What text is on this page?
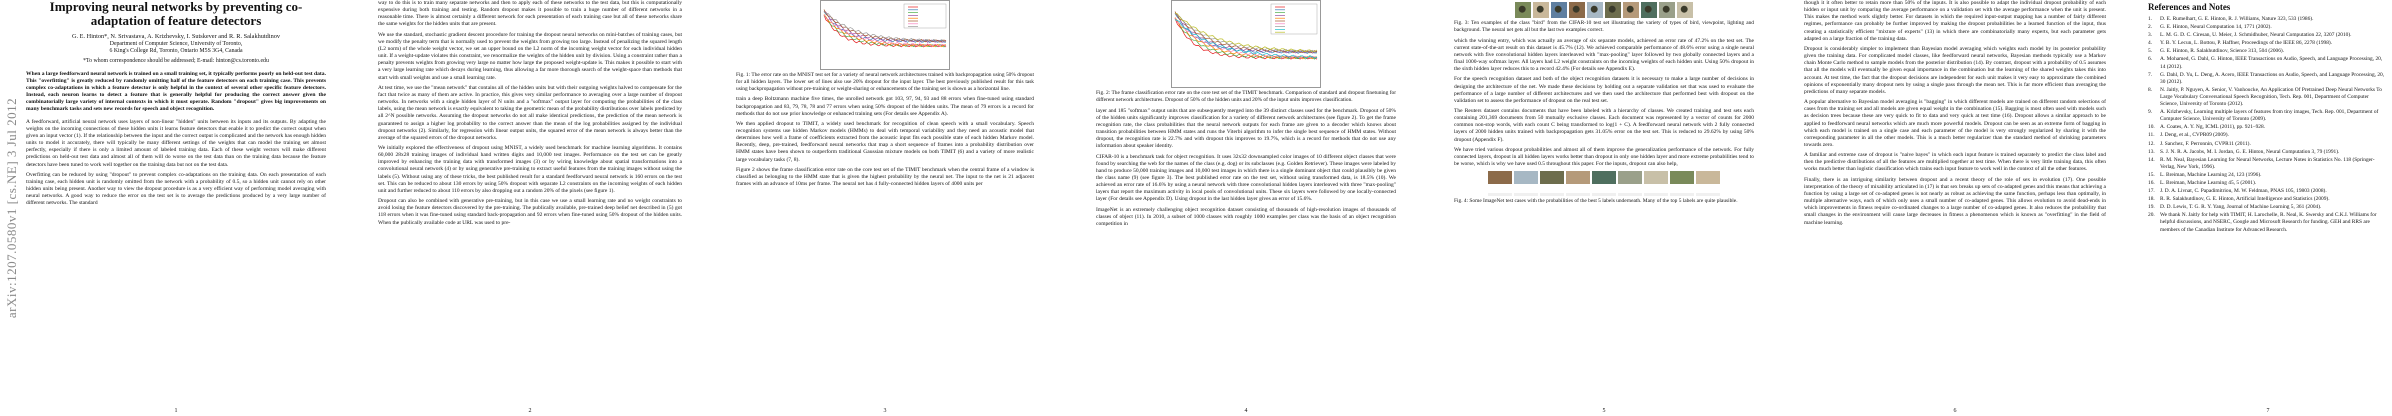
arXiv:1207.0580v1 [cs.NE] 3 Jul 2012
Improving neural networks by preventing co-adaptation of feature detectors
G. E. Hinton*, N. Srivastava, A. Krizhevsky, I. Sutskever and R. R. Salakhutdinov
Department of Computer Science, University of Toronto,
6 King's College Rd, Toronto, Ontario M5S 3G4, Canada
*To whom correspondence should be addressed; E-mail: hinton@cs.toronto.edu
When a large feedforward neural network is trained on a small training set, it typically performs poorly on held-out test data. This "overfitting" is greatly reduced by randomly omitting half of the feature detectors on each training case. This prevents complex co-adaptations in which a feature detector is only helpful in the context of several other specific feature detectors. Instead, each neuron learns to detect a feature that is generally helpful for producing the correct answer given the combinatorially large variety of internal contexts in which it must operate. Random "dropout" gives big improvements on many benchmark tasks and sets new records for speech and object recognition.

A feedforward, artificial neural network uses layers of non-linear "hidden" units between its inputs and its outputs. By adapting the weights on the incoming connections of these hidden units it learns feature detectors that enable it to predict the correct output when given an input vector (1). If the relationship between the input and the correct output is complicated and the network has enough hidden units to model it accurately, there will typically be many different settings of the weights that can model the training set almost perfectly, especially if there is only a limited amount of labeled training data. Each of these weight vectors will make different predictions on held-out test data and almost all of them will do worse on the test data than on the training data because the feature detectors have been tuned to work well together on the training data but not on the test data.

Overfitting can be reduced by using "dropout" to prevent complex co-adaptations on the training data. On each presentation of each training case, each hidden unit is randomly omitted from the network with a probability of 0.5, so a hidden unit cannot rely on other hidden units being present. Another way to view the dropout procedure is as a very efficient way of performing model averaging with neural networks. A good way to reduce the error on the test set is to average the predictions produced by a very large number of different networks. The standard

1

way to do this is to train many separate networks and then to apply each of these networks to the test data, but this is computationally expensive during both training and testing. Random dropout makes it possible to train a huge number of different networks in a reasonable time. There is almost certainly a different network for each presentation of each training case but all of these networks share the same weights for the hidden units that are present.

We use the standard, stochastic gradient descent procedure for training the dropout neural networks on mini-batches of training cases, but we modify the penalty term that is normally used to prevent the weights from growing too large. Instead of penalizing the squared length (L2 norm) of the whole weight vector, we set an upper bound on the L2 norm of the incoming weight vector for each individual hidden unit. If a weight-update violates this constraint, we renormalize the weights of the hidden unit by division. Using a constraint rather than a penalty prevents weights from growing very large no matter how large the proposed weight-update is. This makes it possible to start with a very large learning rate which decays during learning, thus allowing a far more thorough search of the weight-space than methods that start with small weights and use a small learning rate.

At test time, we use the "mean network" that contains all of the hidden units but with their outgoing weights halved to compensate for the fact that twice as many of them are active. In practice, this gives very similar performance to averaging over a large number of dropout networks. In networks with a single hidden layer of N units and a "softmax" output layer for computing the probabilities of the class labels, using the mean network is exactly equivalent to taking the geometric mean of the probability distributions over labels predicted by all 2^N possible networks. Assuming the dropout networks do not all make identical predictions, the prediction of the mean network is guaranteed to assign a higher log probability to the correct answer than the mean of the log probabilities assigned by the individual dropout networks (2). Similarly, for regression with linear output units, the squared error of the mean network is always better than the average of the squared errors of the dropout networks.

We initially explored the effectiveness of dropout using MNIST, a widely used benchmark for machine learning algorithms. It contains 60,000 28x28 training images of individual hand written digits and 10,000 test images. Performance on the test set can be greatly improved by enhancing the training data with transformed images (3) or by wiring knowledge about spatial transformations into a convolutional neural network (4) or by using generative pre-training to extract useful features from the training images without using the labels (5). Without using any of these tricks, the best published result for a standard feedforward neural network is 160 errors on the test set. This can be reduced to about 130 errors by using 50% dropout with separate L2 constraints on the incoming weights of each hidden unit and further reduced to about 110 errors by also dropping out a random 20% of the pixels (see figure 1).

Dropout can also be combined with generative pre-training, but in this case we use a small learning rate and no weight constraints to avoid losing the feature detectors discovered by the pre-training. The publically available, pre-trained deep belief net described in (5) got 118 errors when it was fine-tuned using standard back-propagation and 92 errors when fine-tuned using 50% dropout of the hidden units. When the publically available code at URL was used to pre-

2
Fig. 1: The error rate on the MNIST test set for a variety of neural network architectures trained with backpropagation using 50% dropout for all hidden layers. The lower set of lines also use 20% dropout for the input layer. The best previously published result for this task using backpropagation without pre-training or weight-sharing or enhancements of the training set is shown as a horizontal line.

train a deep Boltzmann machine five times, the unrolled network got 103, 97, 94, 93 and 88 errors when fine-tuned using standard backpropagation and 83, 79, 78, 78 and 77 errors when using 50% dropout of the hidden units. The mean of 79 errors is a record for methods that do not use prior knowledge or enhanced training sets (For details see Appendix A).

We then applied dropout to TIMIT, a widely used benchmark for recognition of clean speech with a small vocabulary. Speech recognition systems use hidden Markov models (HMMs) to deal with temporal variability and they need an acoustic model that determines how well a frame of coefficients extracted from the acoustic input fits each possible state of each hidden Markov model. Recently, deep, pre-trained, feedforward neural networks that map a short sequence of frames into a probability distribution over HMM states have been shown to outperform traditional Gaussian mixture models on both TIMIT (6) and a variety of more realistic large vocabulary tasks (7, 8).

Figure 2 shows the frame classification error rate on the core test set of the TIMIT benchmark when the central frame of a window is classified as belonging to the HMM state that is given the highest probability by the neural net. The input to the net is 21 adjacent frames with an advance of 10ms per frame. The neural net has 4 fully-connected hidden layers of 4000 units per

3
Fig. 2: The frame classification error rate on the core test set of the TIMIT benchmark. Comparison of standard and dropout finetuning for different network architectures. Dropout of 50% of the hidden units and 20% of the input units improves classification.

layer and 185 "softmax" output units that are subsequently merged into the 39 distinct classes used for the benchmark. Dropout of 50% of the hidden units significantly improves classification for a variety of different network architectures (see figure 2). To get the frame recognition rate, the class probabilities that the neural network outputs for each frame are given to a decoder which knows about transition probabilities between HMM states and runs the Viterbi algorithm to infer the single best sequence of HMM states. Without dropout, the recognition rate is 22.7% and with dropout this improves to 19.7%, which is a record for methods that do not use any information about speaker identity.

CIFAR-10 is a benchmark task for object recognition. It uses 32x32 downsampled color images of 10 different object classes that were found by searching the web for the names of the class (e.g. dog) or its subclasses (e.g. Golden Retriever). These images were labeled by hand to produce 50,000 training images and 10,000 test images in which there is a single dominant object that could plausibly be given the class name (9) (see figure 3). The best published error rate on the test set, without using transformed data, is 18.5% (10). We achieved an error rate of 16.6% by using a neural network with three convolutional hidden layers interleaved with three "max-pooling" layers that report the maximum activity in local pools of convolutional units. These six layers were followed by one locally-connected layer (For details see Appendix D). Using dropout in the last hidden layer gives an error of 15.6%.

ImageNet is an extremely challenging object recognition dataset consisting of thousands of high-resolution images of thousands of classes of object (11). In 2010, a subset of 1000 classes with roughly 1000 examples per class was the basis of an object recognition competition in

4
Fig. 3: Ten examples of the class "bird" from the CIFAR-10 test set illustrating the variety of types of bird, viewpoint, lighting and background. The neural net gets all but the last two examples correct.

which the winning entry, which was actually an average of six separate models, achieved an error rate of 47.2% on the test set. The current state-of-the-art result on this dataset is 45.7% (12). We achieved comparable performance of 48.6% error using a single neural network with five convolutional hidden layers interleaved with "max-pooling" layer followed by two globally connected layers and a final 1000-way softmax layer. All layers had L2 weight constraints on the incoming weights of each hidden unit. Using 50% dropout in the sixth hidden layer reduces this to a record 42.4% (For details see Appendix E).

For the speech recognition dataset and both of the object recognition datasets it is necessary to make a large number of decisions in designing the architecture of the net. We made these decisions by holding out a separate validation set that was used to evaluate the performance of a large number of different architectures and we then used the architecture that performed best with dropout on the validation set to assess the performance of dropout on the real test set.

The Reuters dataset contains documents that have been labeled with a hierarchy of classes. We created training and test sets each containing 201,369 documents from 50 mutually exclusive classes. Each document was represented by a vector of counts for 2000 common non-stop words, with each count C being transformed to log(1 + C). A feedforward neural network with 2 fully connected layers of 2000 hidden units trained with backpropagation gets 31.05% error on the test set. This is reduced to 29.62% by using 50% dropout (Appendix F).

We have tried various dropout probabilities and almost all of them improve the generalization performance of the network. For fully connected layers, dropout in all hidden layers works better than dropout in only one hidden layer and more extreme probabilities tend to be worse, which is why we have used 0.5 throughout this paper. For the inputs, dropout can also help,

Fig. 4: Some ImageNet test cases with the probabilities of the best 5 labels underneath. Many of the top 5 labels are quite plausible.
5

though it it often better to retain more than 50% of the inputs. It is also possible to adapt the individual dropout probability of each hidden or input unit by comparing the average performance on a validation set with the average performance when the unit is present. This makes the method work slightly better. For datasets in which the required input-output mapping has a number of fairly different regimes, performance can probably be further improved by making the dropout probabilities be a learned function of the input, thus creating a statistically efficient "mixture of experts" (13) in which there are combinatorially many experts, but each parameter gets adapted on a large fraction of the training data.

Dropout is considerably simpler to implement than Bayesian model averaging which weights each model by its posterior probability given the training data. For complicated model classes, like feedforward neural networks, Bayesian methods typically use a Markov chain Monte Carlo method to sample models from the posterior distribution (14). By contrast, dropout with a probability of 0.5 assumes that all the models will eventually be given equal importance in the combination but the learning of the shared weights takes this into account. At test time, the fact that the dropout decisions are independent for each unit makes it very easy to approximate the combined opinions of exponentially many dropout nets by using a single pass through the mean net. This is far more efficient than averaging the predictions of many separate models.

A popular alternative to Bayesian model averaging is "bagging" in which different models are trained on different random selections of cases from the training set and all models are given equal weight in the combination (15). Bagging is most often used with models such as decision trees because these are very quick to fit to data and very quick at test time (16). Dropout allows a similar approach to be applied to feedforward neural networks which are much more powerful models. Dropout can be seen as an extreme form of bagging in which each model is trained on a single case and each parameter of the model is very strongly regularized by sharing it with the corresponding parameter in all the other models. This is a much better regularizer than the standard method of shrinking parameters towards zero.

A familiar and extreme case of dropout is "naive bayes" in which each input feature is trained separately to predict the class label and then the predictive distributions of all the features are multiplied together at test time. When there is very little training data, this often works much better than logistic classification which trains each input feature to work well in the context of all the other features.

Finally, there is an intriguing similarity between dropout and a recent theory of the role of sex in evolution (17). One possible interpretation of the theory of mixability articulated in (17) is that sex breaks up sets of co-adapted genes and this means that achieving a function by using a large set of co-adapted genes is not nearly as robust as achieving the same function, perhaps less than optimally, in multiple alternative ways, each of which only uses a small number of co-adapted genes. This allows evolution to avoid dead-ends in which improvements in fitness require co-ordinated changes to a large number of co-adapted genes. It also reduces the probability that small changes in the environment will cause large decreases in fitness a phenomenon which is known as "overfitting" in the field of machine learning.

6
References and Notes
1.	D. E. Rumelhart, G. E. Hinton, R. J. Williams, Nature 323, 533 (1986).
2.	G. E. Hinton, Neural Computation 14, 1771 (2002).
3.	L. M. G. D. C. Ciresan, U. Meier, J. Schmidhuber, Neural Computation 22, 3207 (2010).
4.	Y. B. Y. Lecun, L. Bottou, P. Haffner, Proceedings of the IEEE 86, 2278 (1998).
5.	G. E. Hinton, R. Salakhutdinov, Science 313, 504 (2006).
6.	A. Mohamed, G. Dahl, G. Hinton, IEEE Transactions on Audio, Speech, and Language Processing, 20, 14 (2012).
7.	G. Dahl, D. Yu, L. Deng, A. Acero, IEEE Transactions on Audio, Speech, and Language Processing, 20, 30 (2012).
8.	N. Jaitly, P. Nguyen, A. Senior, V. Vanhoucke, An Application Of Pretrained Deep Neural Networks To Large Vocabulary Conversational Speech Recognition, Tech. Rep. 001, Department of Computer Science, University of Toronto (2012).
9.	A. Krizhevsky, Learning multiple layers of features from tiny images, Tech. Rep. 001, Department of Computer Science, University of Toronto (2009).
10. A. Coates, A. Y. Ng, ICML (2011), pp. 921–928.
11.	J. Deng, et al., CVPR09 (2009).
12. J. Sanchez, F. Perronnin, CVPR11 (2011).
13. S. J. N. R. A. Jacobs, M. I. Jordan, G. E. Hinton, Neural Computation 3, 79 (1991).
14. R. M. Neal, Bayesian Learning for Neural Networks, Lecture Notes in Statistics No. 118 (Springer-Verlag, New York, 1996).
15. L. Breiman, Machine Learning 24, 123 (1996).
16. L. Breiman, Machine Learning 45, 5 (2001).
17. J. D. A. Livnat, C. Papadimitriou, M. W. Feldman, PNAS 105, 19803 (2008).
18. R. R. Salakhutdinov, G. E. Hinton, Artificial Intelligence and Statistics (2009).
19. D. D. Lewis, T. G. R. Y. Yang, Journal of Machine Learning 5, 361 (2004).
20. We thank N. Jaitly for help with TIMIT, H. Larochelle, R. Neal, K. Swersky and C.K.I. Williams for helpful discussions, and NSERC, Google and Microsoft Research for funding. GEH and RRS are members of the Canadian Institute for Advanced Research.
7
